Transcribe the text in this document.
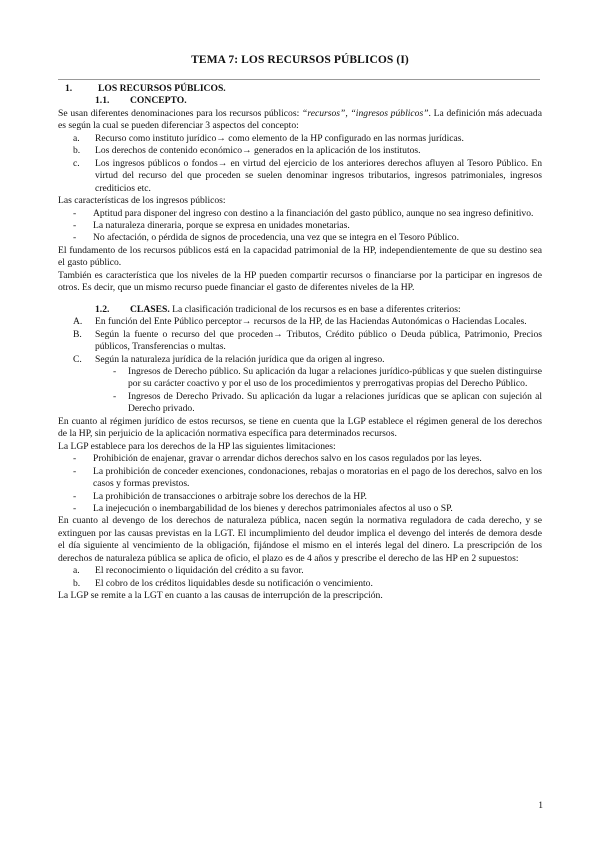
TEMA 7: LOS RECURSOS PÚBLICOS (I)
1.	LOS RECURSOS PÚBLICOS.
1.1.	CONCEPTO.

Se usan diferentes denominaciones para los recursos públicos: “recursos”, “ingresos públicos”. La definición más adecuada es según la cual se pueden diferenciar 3 aspectos del concepto:

a.	Recurso como instituto jurídico→ como elemento de la HP configurado en las normas jurídicas.
b.	Los derechos de contenido económico→ generados en la aplicación de los institutos.
c.	Los ingresos públicos o fondos→ en virtud del ejercicio de los anteriores derechos afluyen al Tesoro Público. En virtud del recurso del que proceden se suelen denominar ingresos tributarios, ingresos patrimoniales, ingresos crediticios etc.

Las características de los ingresos públicos:

-	Aptitud para disponer del ingreso con destino a la financiación del gasto público, aunque no sea ingreso definitivo.
-	La naturaleza dineraria, porque se expresa en unidades monetarias.
-	No afectación, o pérdida de signos de procedencia, una vez que se integra en el Tesoro Público.

El fundamento de los recursos públicos está en la capacidad patrimonial de la HP, independientemente de que su destino sea el gasto público.

También es característica que los niveles de la HP pueden compartir recursos o financiarse por la participar en ingresos de otros. Es decir, que un mismo recurso puede financiar el gasto de diferentes niveles de la HP.

1.2.	CLASES. La clasificación tradicional de los recursos es en base a diferentes criterios:
A.	En función del Ente Público perceptor→ recursos de la HP, de las Haciendas Autonómicas o Haciendas Locales.
B.	Según la fuente o recurso del que proceden→ Tributos, Crédito público o Deuda pública, Patrimonio, Precios públicos, Transferencias o multas.
C.	Según la naturaleza jurídica de la relación jurídica que da origen al ingreso.
-	Ingresos de Derecho público. Su aplicación da lugar a relaciones jurídico-públicas y que suelen distinguirse por su carácter coactivo y por el uso de los procedimientos y prerrogativas propias del Derecho Público.
-	Ingresos de Derecho Privado. Su aplicación da lugar a relaciones jurídicas que se aplican con sujeción al Derecho privado.

En cuanto al régimen jurídico de estos recursos, se tiene en cuenta que la LGP establece el régimen general de los derechos de la HP, sin perjuicio de la aplicación normativa específica para determinados recursos.

La LGP establece para los derechos de la HP las siguientes limitaciones:

-	Prohibición de enajenar, gravar o arrendar dichos derechos salvo en los casos regulados por las leyes.
-	La prohibición de conceder exenciones, condonaciones, rebajas o moratorias en el pago de los derechos, salvo en los casos y formas previstos.
-	La prohibición de transacciones o arbitraje sobre los derechos de la HP.
-	La inejecución o inembargabilidad de los bienes y derechos patrimoniales afectos al uso o SP.

En cuanto al devengo de los derechos de naturaleza pública, nacen según la normativa reguladora de cada derecho, y se extinguen por las causas previstas en la LGT. El incumplimiento del deudor implica el devengo del interés de demora desde el día siguiente al vencimiento de la obligación, fijándose el mismo en el interés legal del dinero. La prescripción de los derechos de naturaleza pública se aplica de oficio, el plazo es de 4 años y prescribe el derecho de las HP en 2 supuestos:

a.	El reconocimiento o liquidación del crédito a su favor.
b.	El cobro de los créditos liquidables desde su notificación o vencimiento.

La LGP se remite a la LGT en cuanto a las causas de interrupción de la prescripción.

1
